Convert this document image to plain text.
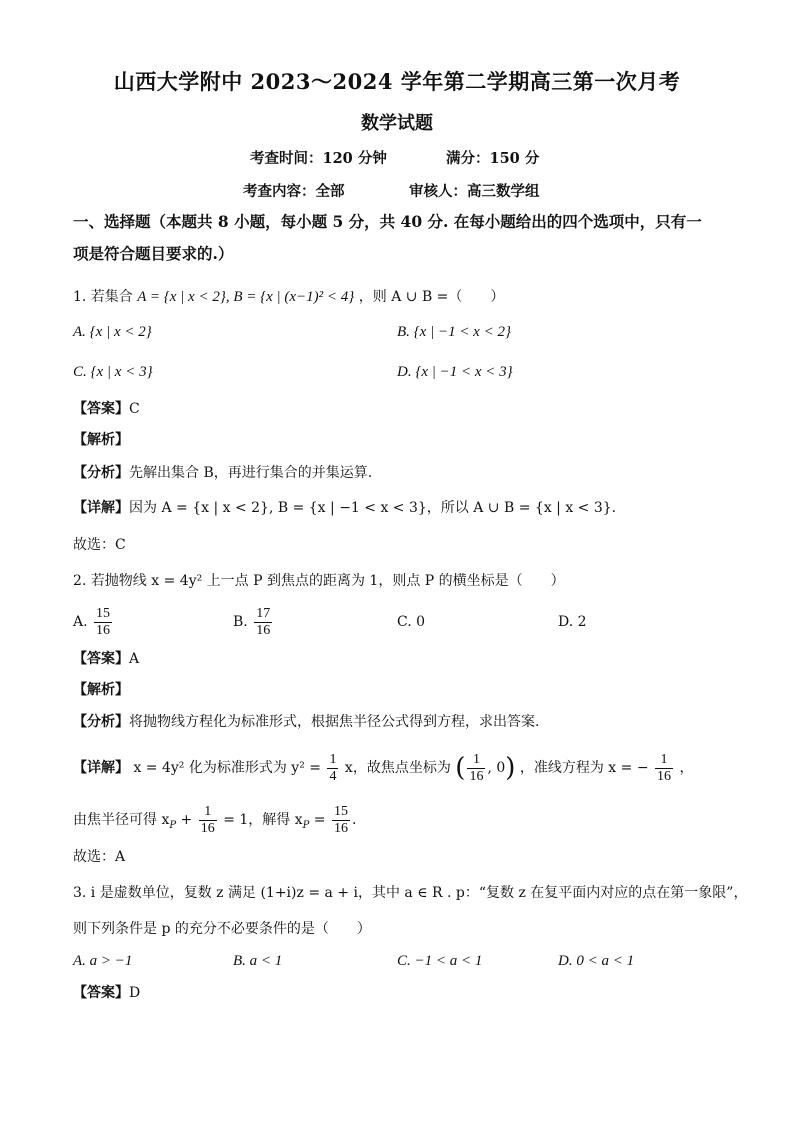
山西大学附中 2023～2024 学年第二学期高三第一次月考
数学试题
考查时间：120 分钟	满分：150 分
考查内容：全部	审核人：高三数学组
一、选择题（本题共 8 小题，每小题 5 分，共 40 分. 在每小题给出的四个选项中，只有一
项是符合题目要求的.）
1. 若集合 A = {x | x < 2}, B = {x | (x−1)² < 4} ，则 A ∪ B =（　　）
A. {x | x < 2}	B. {x | −1 < x < 2}
C. {x | x < 3}	D. {x | −1 < x < 3}
【答案】C
【解析】
【分析】先解出集合 B，再进行集合的并集运算.
【详解】因为 A = {x | x < 2}, B = {x | −1 < x < 3}，所以 A ∪ B = {x | x < 3}.
故选：C
2. 若抛物线 x = 4y² 上一点 P 到焦点的距离为 1，则点 P 的横坐标是（　　）
A. $\frac{15}{16}$	B. $\frac{17}{16}$	C. 0	D. 2
【答案】A
【解析】
【分析】将抛物线方程化为标准形式，根据焦半径公式得到方程，求出答案.
【详解】 x = 4y² 化为标准形式为 $y^2 = \frac{1}{4}$ x，故焦点坐标为 ( $\frac{1}{16}$ , 0) ，准线方程为 x = − $\frac{1}{16}$ ，
由焦半径可得 $x_P + \frac{1}{16} = 1$，解得 $x_P = \frac{15}{16}$ .
故选：A
3. i 是虚数单位，复数 z 满足 (1+i)z = a + i，其中 a ∈ R . p：“复数 z 在复平面内对应的点在第一象限”，
则下列条件是 p 的充分不必要条件的是（　　）
A. a > −1	B. a < 1	C. −1 < a < 1	D. 0 < a < 1
【答案】D
